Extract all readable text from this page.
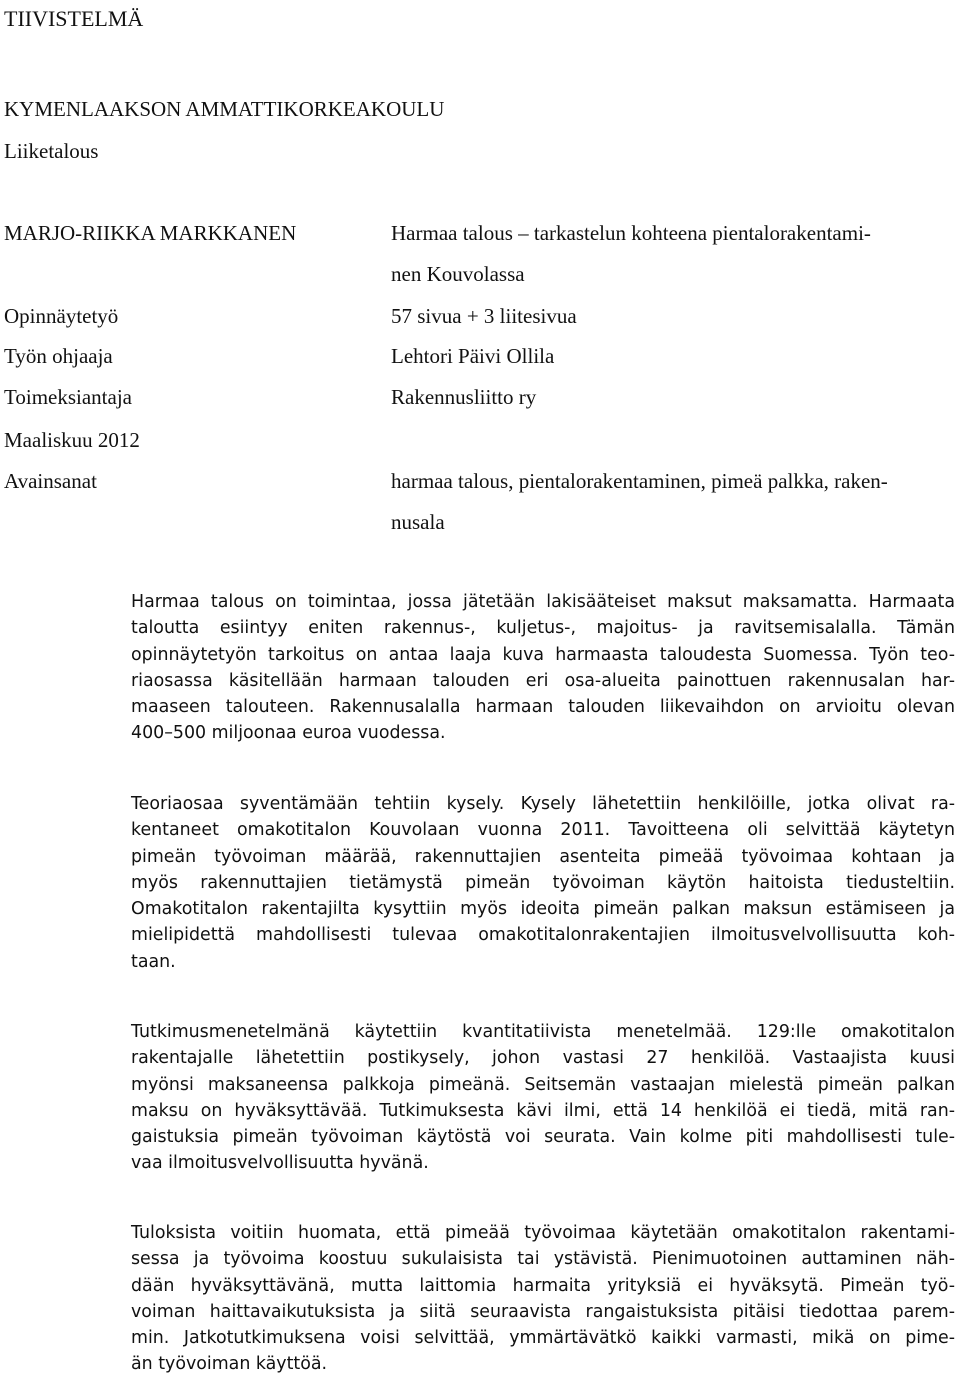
TIIVISTELMÄ
KYMENLAAKSON AMMATTIKORKEAKOULU
Liiketalous
MARJO-RIIKKA MARKKANEN	Harmaa talous – tarkastelun kohteena pientalorakentami-
nen Kouvolassa
Opinnäytetyö	57 sivua + 3 liitesivua
Työn ohjaaja	Lehtori Päivi Ollila
Toimeksiantaja	Rakennusliitto ry
Maaliskuu 2012
Avainsanat	harmaa talous, pientalorakentaminen, pimeä palkka, raken-
nusala
Harmaa talous on toimintaa, jossa jätetään lakisääteiset maksut maksamatta. Harmaata
taloutta esiintyy eniten rakennus-, kuljetus-, majoitus- ja ravitsemisalalla. Tämän
opinnäytetyön tarkoitus on antaa laaja kuva harmaasta taloudesta Suomessa. Työn teo-
riaosassa käsitellään harmaan talouden eri osa-alueita painottuen rakennusalan har-
maaseen talouteen. Rakennusalalla harmaan talouden liikevaihdon on arvioitu olevan
400–500 miljoonaa euroa vuodessa.
Teoriaosaa syventämään tehtiin kysely. Kysely lähetettiin henkilöille, jotka olivat ra-
kentaneet omakotitalon Kouvolaan vuonna 2011. Tavoitteena oli selvittää käytetyn
pimeän työvoiman määrää, rakennuttajien asenteita pimeää työvoimaa kohtaan ja
myös rakennuttajien tietämystä pimeän työvoiman käytön haitoista tiedusteltiin.
Omakotitalon rakentajilta kysyttiin myös ideoita pimeän palkan maksun estämiseen ja
mielipidettä mahdollisesti tulevaa omakotitalonrakentajien ilmoitusvelvollisuutta koh-
taan.
Tutkimusmenetelmänä käytettiin kvantitatiivista menetelmää. 129:lle omakotitalon
rakentajalle lähetettiin postikysely, johon vastasi 27 henkilöä. Vastaajista kuusi
myönsi maksaneensa palkkoja pimeänä. Seitsemän vastaajan mielestä pimeän palkan
maksu on hyväksyttävää. Tutkimuksesta kävi ilmi, että 14 henkilöä ei tiedä, mitä ran-
gaistuksia pimeän työvoiman käytöstä voi seurata. Vain kolme piti mahdollisesti tule-
vaa ilmoitusvelvollisuutta hyvänä.
Tuloksista voitiin huomata, että pimeää työvoimaa käytetään omakotitalon rakentami-
sessa ja työvoima koostuu sukulaisista tai ystävistä. Pienimuotoinen auttaminen näh-
dään hyväksyttävänä, mutta laittomia harmaita yrityksiä ei hyväksytä. Pimeän työ-
voiman haittavaikutuksista ja siitä seuraavista rangaistuksista pitäisi tiedottaa parem-
min. Jatkotutkimuksena voisi selvittää, ymmärtävätkö kaikki varmasti, mikä on pime-
än työvoiman käyttöä.
